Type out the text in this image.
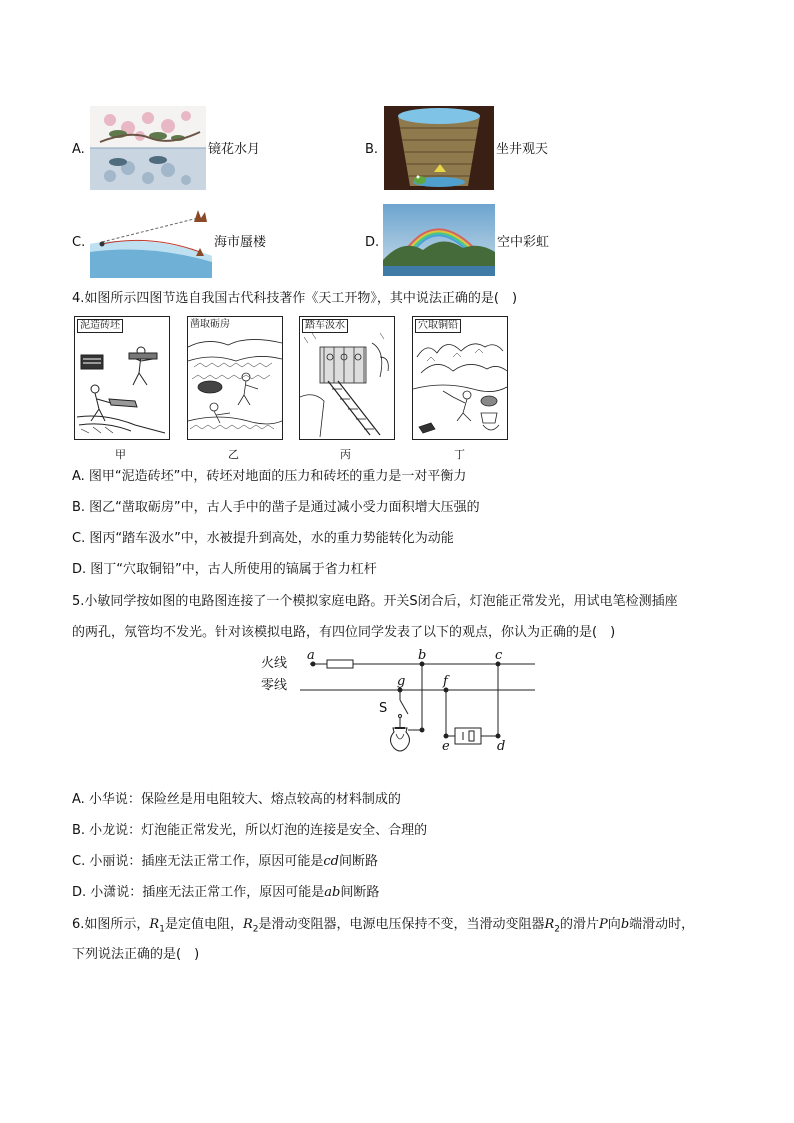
A.	镜花水月	B.	坐井观天
C.	海市蜃楼	D.	空中彩虹
4.如图所示四图节选自我国古代科技著作《天工开物》，其中说法正确的是(　)
泥造砖坯
甲
凿取砺房
乙
踏车汲水
丙
穴取铜铅
丁
A. 图甲“泥造砖坯”中，砖坯对地面的压力和砖坯的重力是一对平衡力
B. 图乙“凿取砺房”中，古人手中的凿子是通过减小受力面积增大压强的
C. 图丙“踏车汲水”中，水被提升到高处，水的重力势能转化为动能
D. 图丁“穴取铜铅”中，古人所使用的镐属于省力杠杆
5.小敏同学按如图的电路图连接了一个模拟家庭电路。开关S闭合后，灯泡能正常发光，用试电笔检测插座
的两孔，氖管均不发光。针对该模拟电路，有四位同学发表了以下的观点，你认为正确的是(　)
火线
零线
S
a	b	c
g	f
e	d
A. 小华说：保险丝是用电阻较大、熔点较高的材料制成的
B. 小龙说：灯泡能正常发光，所以灯泡的连接是安全、合理的
C. 小丽说：插座无法正常工作，原因可能是cd间断路
D. 小潇说：插座无法正常工作，原因可能是ab间断路
6.如图所示，$R_1$是定值电阻，$R_2$是滑动变阻器，电源电压保持不变，当滑动变阻器$R_2$的滑片P向b端滑动时，
下列说法正确的是(　)
